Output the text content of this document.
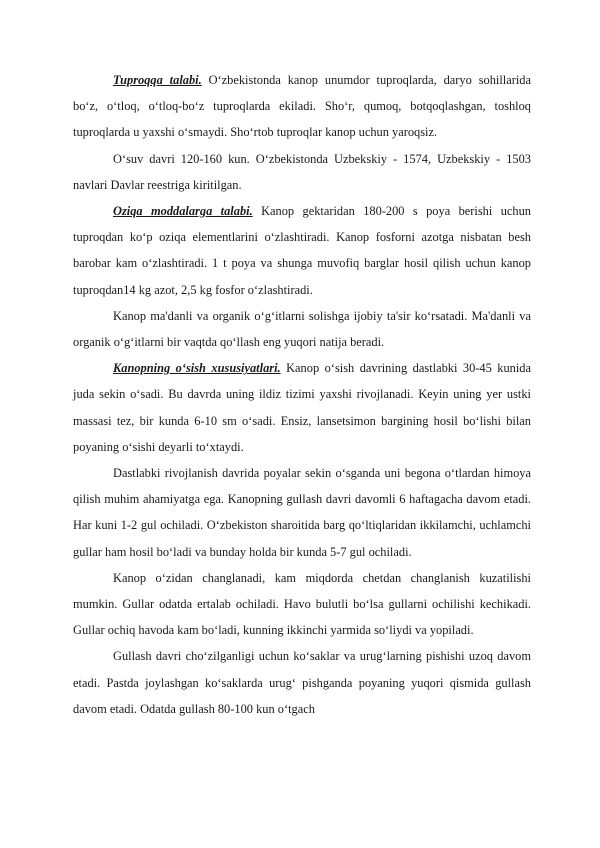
Tuproqqa talabi. O‘zbekistonda kanop unumdor tuproqlarda, daryo sohillarida bo‘z, o‘tloq, o‘tloq-bo‘z tuproqlarda ekiladi. Sho‘r, qumoq, botqoqlashgan, toshloq tuproqlarda u yaxshi o‘smaydi. Sho‘rtob tuproqlar kanop uchun yaroqsiz.

O‘suv davri 120-160 kun. O‘zbekistonda Uzbekskiy - 1574, Uzbekskiy - 1503 navlari Davlar reestriga kiritilgan.

Oziqa moddalarga talabi. Kanop gektaridan 180-200 s poya berishi uchun tuproqdan ko‘p oziqa elementlarini o‘zlashtiradi. Kanop fosforni azotga nisbatan besh barobar kam o‘zlashtiradi. 1 t poya va shunga muvofiq barglar hosil qilish uchun kanop tuproqdan14 kg azot, 2,5 kg fosfor o‘zlashtiradi.

Kanop ma'danli va organik o‘g‘itlarni solishga ijobiy ta'sir ko‘rsatadi. Ma'danli va organik o‘g‘itlarni bir vaqtda qo‘llash eng yuqori natija beradi.

Kanopning o‘sish xususiyatlari. Kanop o‘sish davrining dastlabki 30-45 kunida juda sekin o‘sadi. Bu davrda uning ildiz tizimi yaxshi rivojlanadi. Keyin uning yer ustki massasi tez, bir kunda 6-10 sm o‘sadi. Ensiz, lansetsimon bargining hosil bo‘lishi bilan poyaning o‘sishi deyarli to‘xtaydi.

Dastlabki rivojlanish davrida poyalar sekin o‘sganda uni begona o‘tlardan himoya qilish muhim ahamiyatga ega. Kanopning gullash davri davomli 6 haftagacha davom etadi. Har kuni 1-2 gul ochiladi. O‘zbekiston sharoitida barg qo‘ltiqlaridan ikkilamchi, uchlamchi gullar ham hosil bo‘ladi va bunday holda bir kunda 5-7 gul ochiladi.

Kanop o‘zidan changlanadi, kam miqdorda chetdan changlanish kuzatilishi mumkin. Gullar odatda ertalab ochiladi. Havo bulutli bo‘lsa gullarni ochilishi kechikadi. Gullar ochiq havoda kam bo‘ladi, kunning ikkinchi yarmida so‘liydi va yopiladi.

Gullash davri cho‘zilganligi uchun ko‘saklar va urug‘larning pishishi uzoq davom etadi. Pastda joylashgan ko‘saklarda urug‘ pishganda poyaning yuqori qismida gullash davom etadi. Odatda gullash 80-100 kun o‘tgach
